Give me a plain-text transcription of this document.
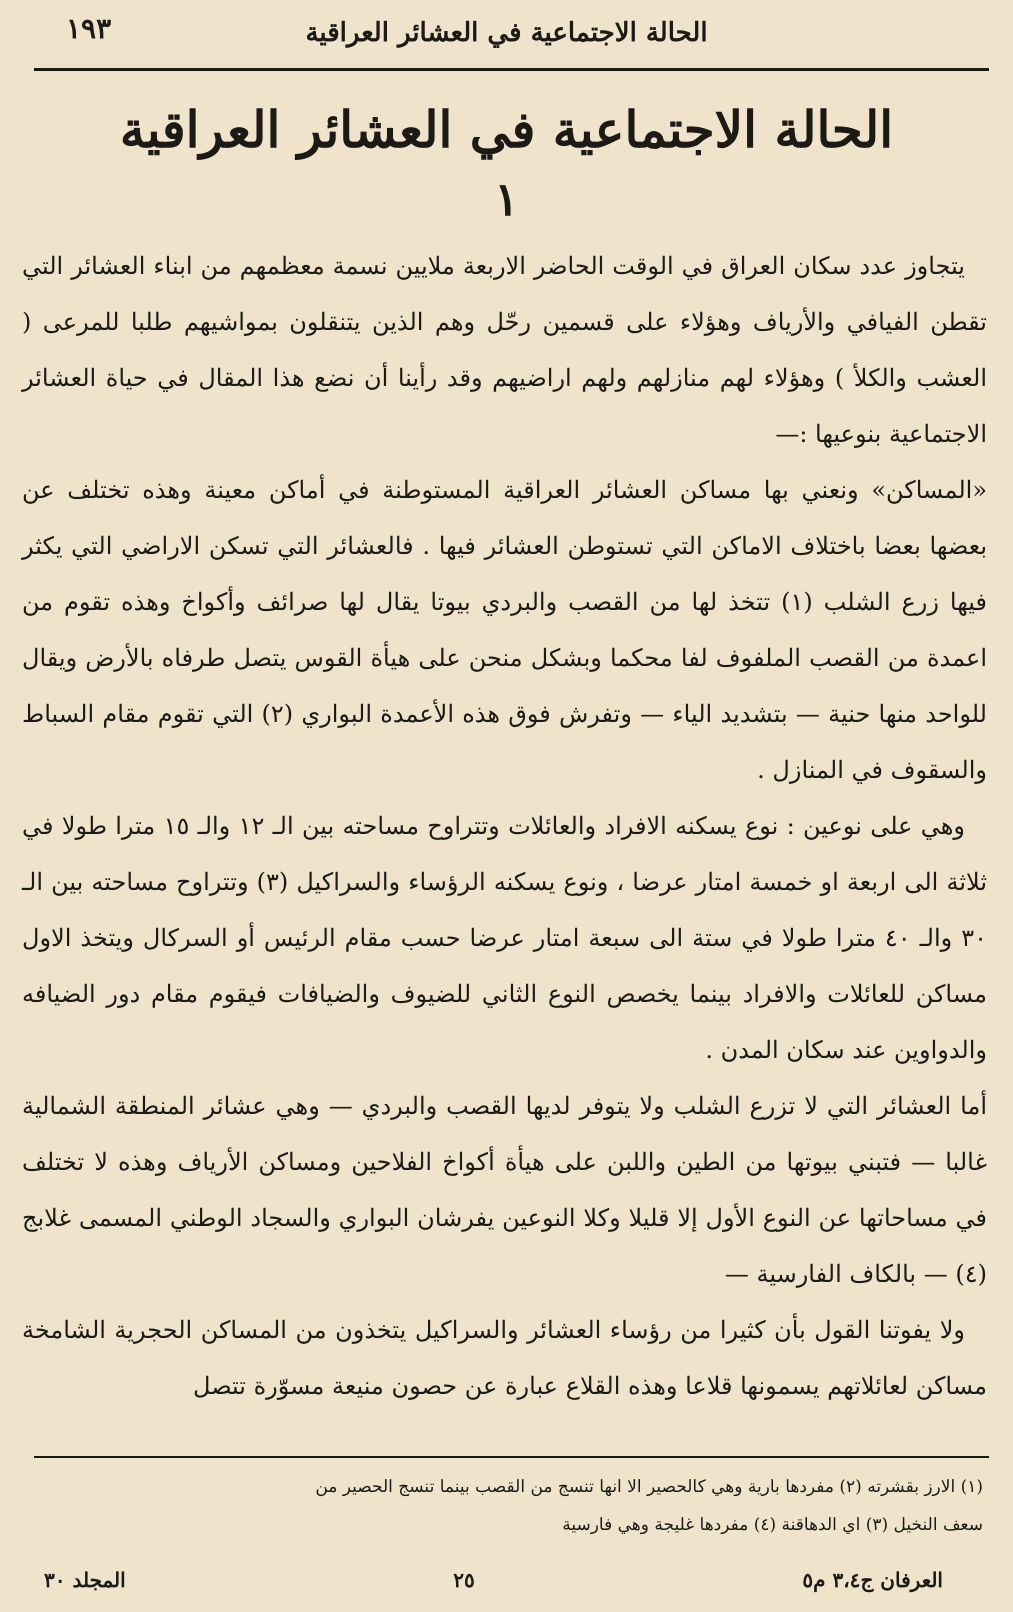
الحالة الاجتماعية في العشائر العراقية
١٩٣
الحالة الاجتماعية في العشائر العراقية
١

يتجاوز عدد سكان العراق في الوقت الحاضر الاربعة ملايين نسمة معظمهم من ابناء العشائر التي تقطن الفيافي والأرياف وهؤلاء على قسمين رحّل وهم الذين يتنقلون بمواشيهم طلبا للمرعى ( العشب والكلأ ) وهؤلاء لهم منازلهم ولهم اراضيهم وقد رأينا أن نضع هذا المقال في حياة العشائر الاجتماعية بنوعيها :—

«المساكن» ونعني بها مساكن العشائر العراقية المستوطنة في أماكن معينة وهذه تختلف عن بعضها بعضا باختلاف الاماكن التي تستوطن العشائر فيها . فالعشائر التي تسكن الاراضي التي يكثر فيها زرع الشلب (١) تتخذ لها من القصب والبردي بيوتا يقال لها صرائف وأكواخ وهذه تقوم من اعمدة من القصب الملفوف لفا محكما وبشكل منحن على هيأة القوس يتصل طرفاه بالأرض ويقال للواحد منها حنية — بتشديد الياء — وتفرش فوق هذه الأعمدة البواري (٢) التي تقوم مقام السباط والسقوف في المنازل .

وهي على نوعين : نوع يسكنه الافراد والعائلات وتتراوح مساحته بين الـ ١٢ والـ ١٥ مترا طولا في ثلاثة الى اربعة او خمسة امتار عرضا ، ونوع يسكنه الرؤساء والسراكيل (٣) وتتراوح مساحته بين الـ ٣٠ والـ ٤٠ مترا طولا في ستة الى سبعة امتار عرضا حسب مقام الرئيس أو السركال ويتخذ الاول مساكن للعائلات والافراد بينما يخصص النوع الثاني للضيوف والضيافات فيقوم مقام دور الضيافه والدواوين عند سكان المدن .

أما العشائر التي لا تزرع الشلب ولا يتوفر لديها القصب والبردي — وهي عشائر المنطقة الشمالية غالبا — فتبني بيوتها من الطين واللبن على هيأة أكواخ الفلاحين ومساكن الأرياف وهذه لا تختلف في مساحاتها عن النوع الأول إلا قليلا وكلا النوعين يفرشان البواري والسجاد الوطني المسمى غلابج (٤) — بالكاف الفارسية —

ولا يفوتنا القول بأن كثيرا من رؤساء العشائر والسراكيل يتخذون من المساكن الحجرية الشامخة مساكن لعائلاتهم يسمونها قلاعا وهذه القلاع عبارة عن حصون منيعة مسوّرة تتصل

(١) الارز بقشرته (٢) مفردها بارية وهي كالحصير الا انها تنسج من القصب بينما تنسج الحصير من

سعف النخيل (٣) اي الدهاقنة (٤) مفردها غليجة وهي فارسية

العرفان ج٣،٤ م٥
٢٥
المجلد ٣٠
